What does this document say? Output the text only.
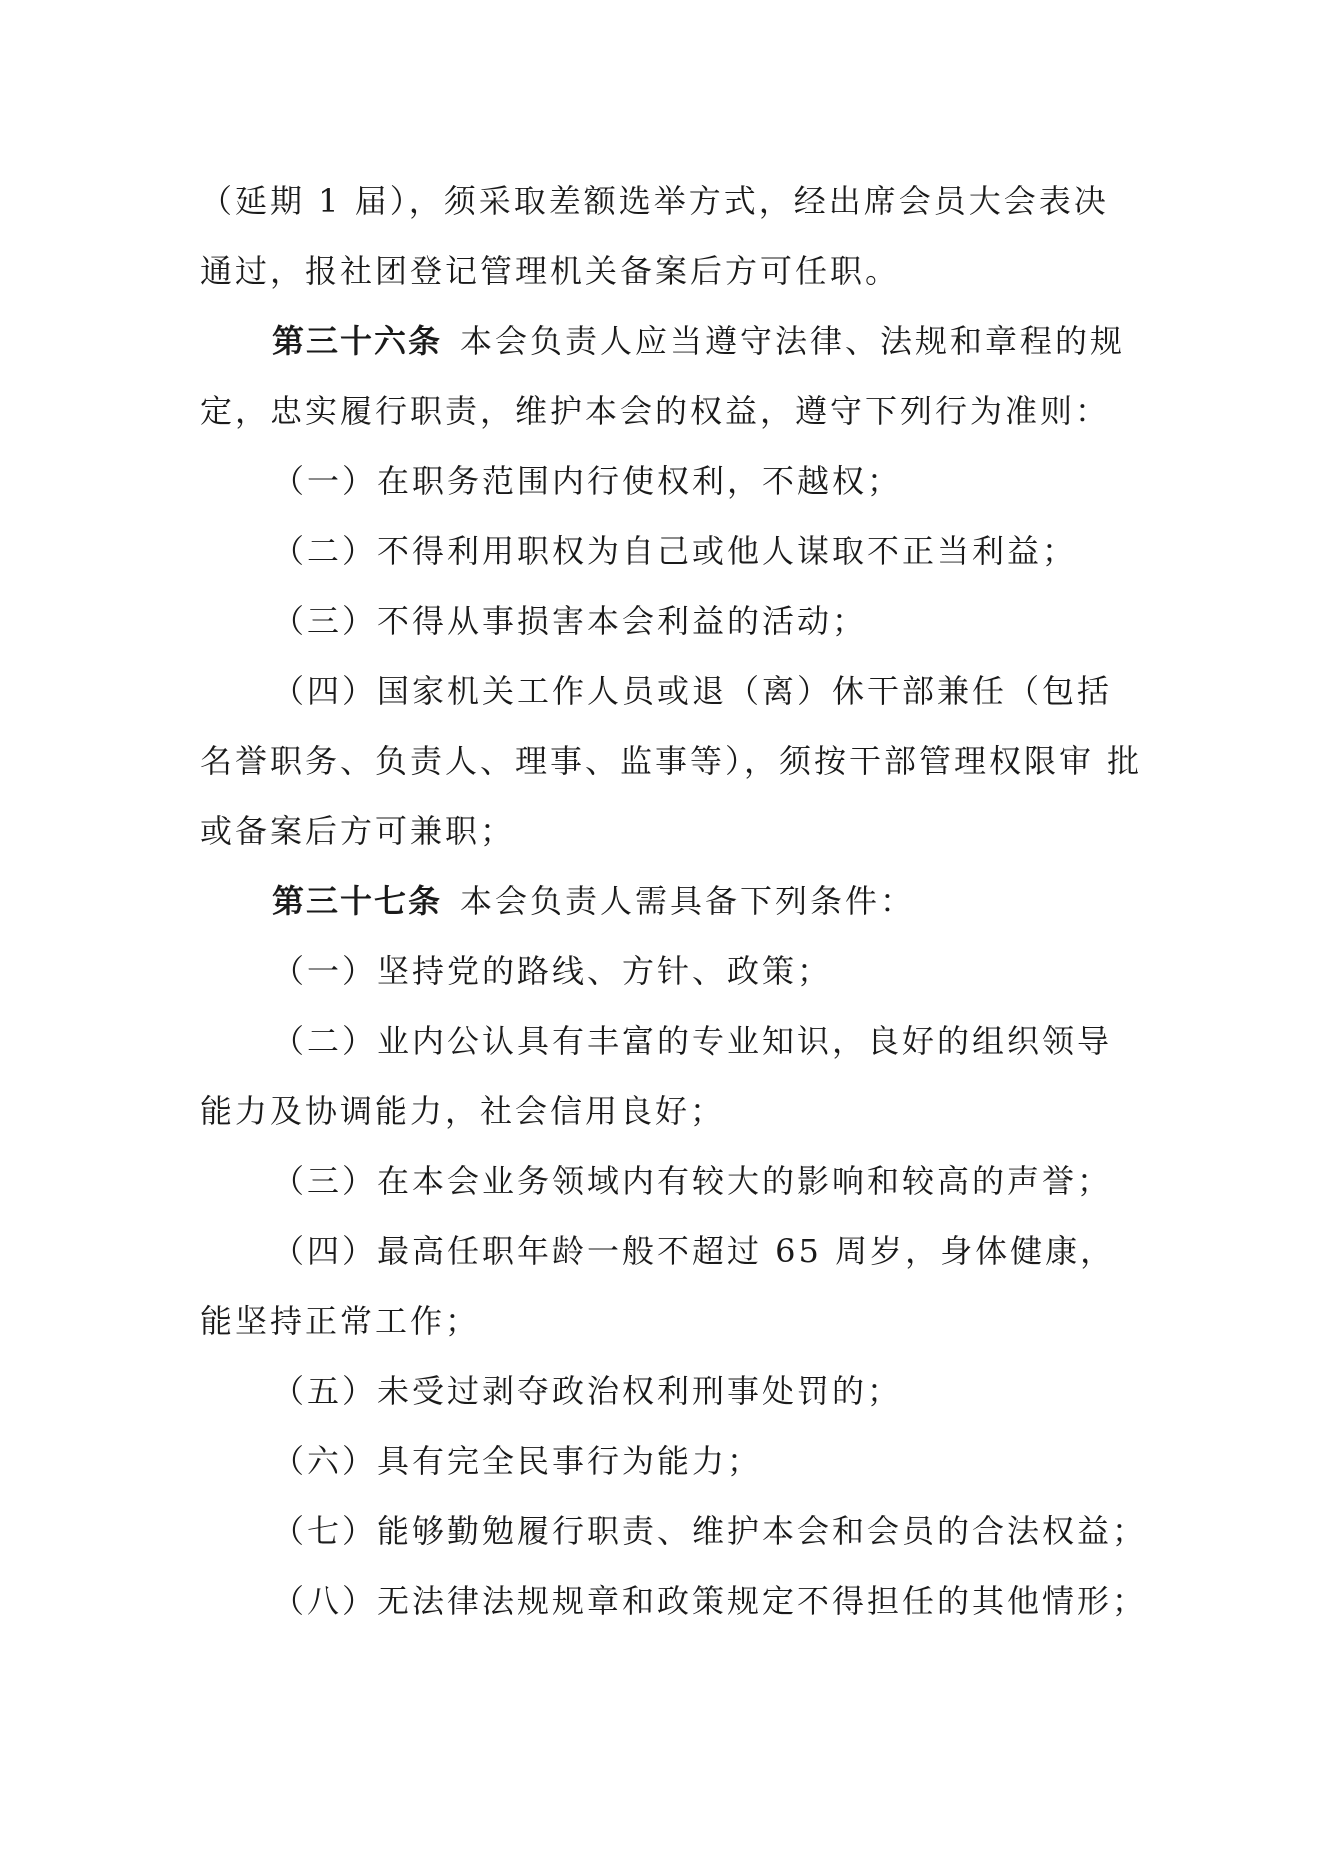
（延期 1 届），须采取差额选举方式，经出席会员大会表决
通过，报社团登记管理机关备案后方可任职。
第三十六条 本会负责人应当遵守法律、法规和章程的规
定，忠实履行职责，维护本会的权益，遵守下列行为准则：
（一）在职务范围内行使权利，不越权；
（二）不得利用职权为自己或他人谋取不正当利益；
（三）不得从事损害本会利益的活动；
（四）国家机关工作人员或退（离）休干部兼任（包括
名誉职务、负责人、理事、监事等），须按干部管理权限审 批
或备案后方可兼职；
第三十七条 本会负责人需具备下列条件：
（一）坚持党的路线、方针、政策；
（二）业内公认具有丰富的专业知识，良好的组织领导
能力及协调能力，社会信用良好；
（三）在本会业务领域内有较大的影响和较高的声誉；
（四）最高任职年龄一般不超过 65 周岁，身体健康，
能坚持正常工作；
（五）未受过剥夺政治权利刑事处罚的；
（六）具有完全民事行为能力；
（七）能够勤勉履行职责、维护本会和会员的合法权益；
（八）无法律法规规章和政策规定不得担任的其他情形；
